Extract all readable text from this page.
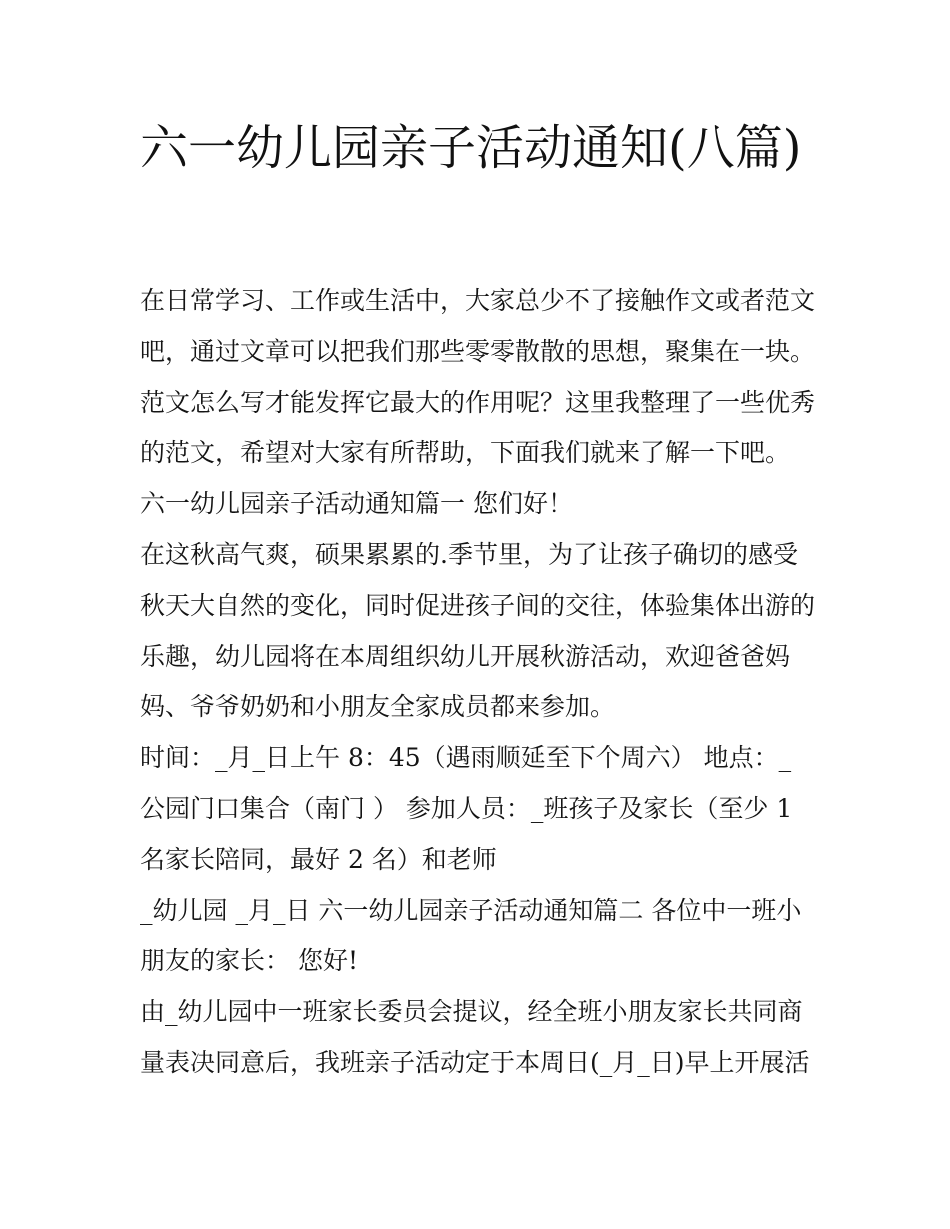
六一幼儿园亲子活动通知(八篇)

在日常学习、工作或生活中，大家总少不了接触作文或者范文吧，通过文章可以把我们那些零零散散的思想，聚集在一块。范文怎么写才能发挥它最大的作用呢？这里我整理了一些优秀的范文，希望对大家有所帮助，下面我们就来了解一下吧。

六一幼儿园亲子活动通知篇一 您们好！

在这秋高气爽，硕果累累的.季节里，为了让孩子确切的感受秋天大自然的变化，同时促进孩子间的交往，体验集体出游的乐趣，幼儿园将在本周组织幼儿开展秋游活动，欢迎爸爸妈妈、爷爷奶奶和小朋友全家成员都来参加。

时间：_月_日上午 8：45（遇雨顺延至下个周六） 地点：_公园门口集合（南门 ） 参加人员：_班孩子及家长（至少 1 名家长陪同，最好 2 名）和老师

_幼儿园 _月_日 六一幼儿园亲子活动通知篇二 各位中一班小朋友的家长： 您好!

由_幼儿园中一班家长委员会提议，经全班小朋友家长共同商量表决同意后，我班亲子活动定于本周日(_月_日)早上开展活
